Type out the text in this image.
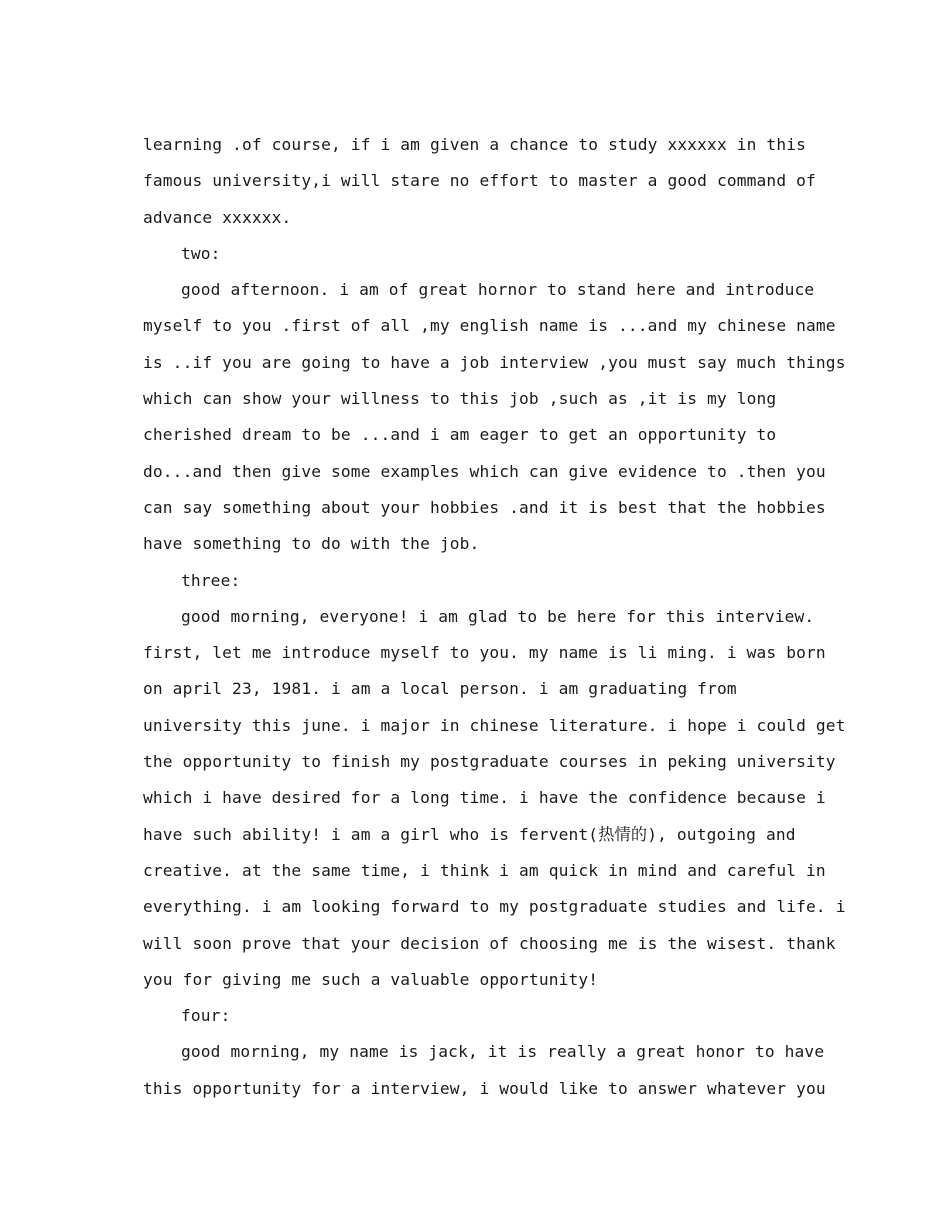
learning .of course, if i am given a chance to study xxxxxx in this
famous university,i will stare no effort to master a good command of
advance xxxxxx.
two:
good afternoon. i am of great hornor to stand here and introduce
myself to you .first of all ,my english name is ...and my chinese name
is ..if you are going to have a job interview ,you must say much things
which can show your willness to this job ,such as ,it is my long
cherished dream to be ...and i am eager to get an opportunity to
do...and then give some examples which can give evidence to .then you
can say something about your hobbies .and it is best that the hobbies
have something to do with the job.
three:
good morning, everyone! i am glad to be here for this interview.
first, let me introduce myself to you. my name is li ming. i was born
on april 23, 1981. i am a local person. i am graduating from
university this june. i major in chinese literature. i hope i could get
the opportunity to finish my postgraduate courses in peking university
which i have desired for a long time. i have the confidence because i
have such ability! i am a girl who is fervent(热情的), outgoing and
creative. at the same time, i think i am quick in mind and careful in
everything. i am looking forward to my postgraduate studies and life. i
will soon prove that your decision of choosing me is the wisest. thank
you for giving me such a valuable opportunity!
four:
good morning, my name is jack, it is really a great honor to have
this opportunity for a interview, i would like to answer whatever you
